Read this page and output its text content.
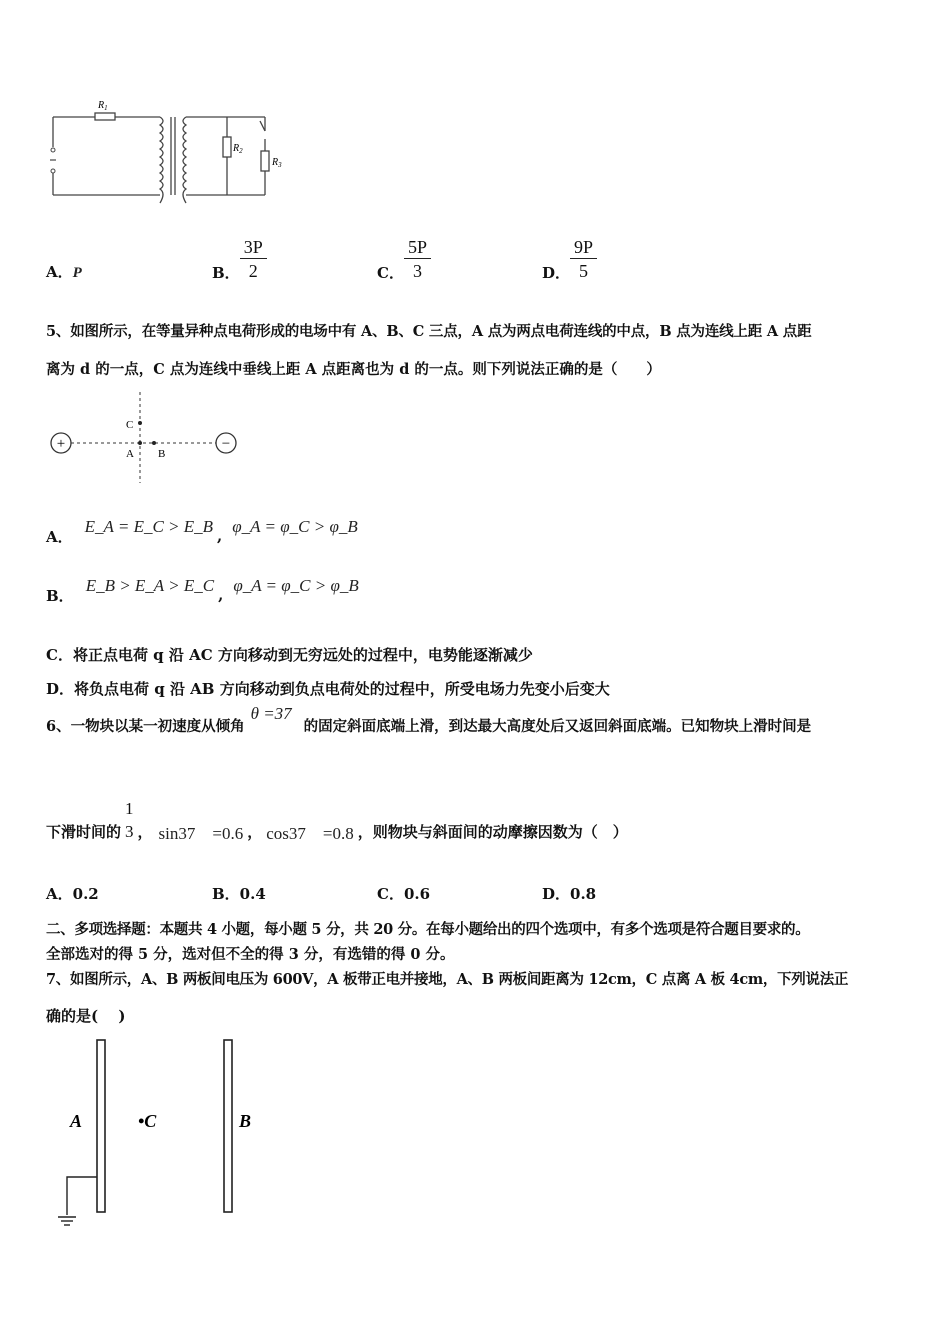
$R_1$
$R_2$
$R_3$
A．P	B． $\frac{3P}{2}$	C． $\frac{5P}{3}$	D． $\frac{9P}{5}$
5、如图所示，在等量异种点电荷形成的电场中有 A、B、C 三点，A 点为两点电荷连线的中点，B 点为连线上距 A 点距
离为 d 的一点，C 点为连线中垂线上距 A 点距离也为 d 的一点。则下列说法正确的是（　　）
+	−
C
A B
A．
E_A = E_C > E_B , φ_A = φ_C > φ_B
B．
E_B > E_A > E_C , φ_A = φ_C > φ_B
C．将正点电荷 q 沿 AC 方向移动到无穷远处的过程中，电势能逐渐减少
D．将负点电荷 q 沿 AB 方向移动到负点电荷处的过程中，所受电场力先变小后变大
6、一物块以某一初速度从倾角
θ =37
的固定斜面底端上滑，到达最大高度处后又返回斜面底端。已知物块上滑时间是
下滑时间的
1
3 ， sin37　=0.6 ， cos37　=0.8 ，则物块与斜面间的动摩擦因数为（　）
A．0.2	B．0.4	C．0.6	D．0.8
二、多项选择题：本题共 4 小题，每小题 5 分，共 20 分。在每小题给出的四个选项中，有多个选项是符合题目要求的。
全部选对的得 5 分，选对但不全的得 3 分，有选错的得 0 分。
7、如图所示，A、B 两板间电压为 600V，A 板带正电并接地，A、B 两板间距离为 12cm，C 点离 A 板 4cm，下列说法正
确的是(　 )
A	•C	B
